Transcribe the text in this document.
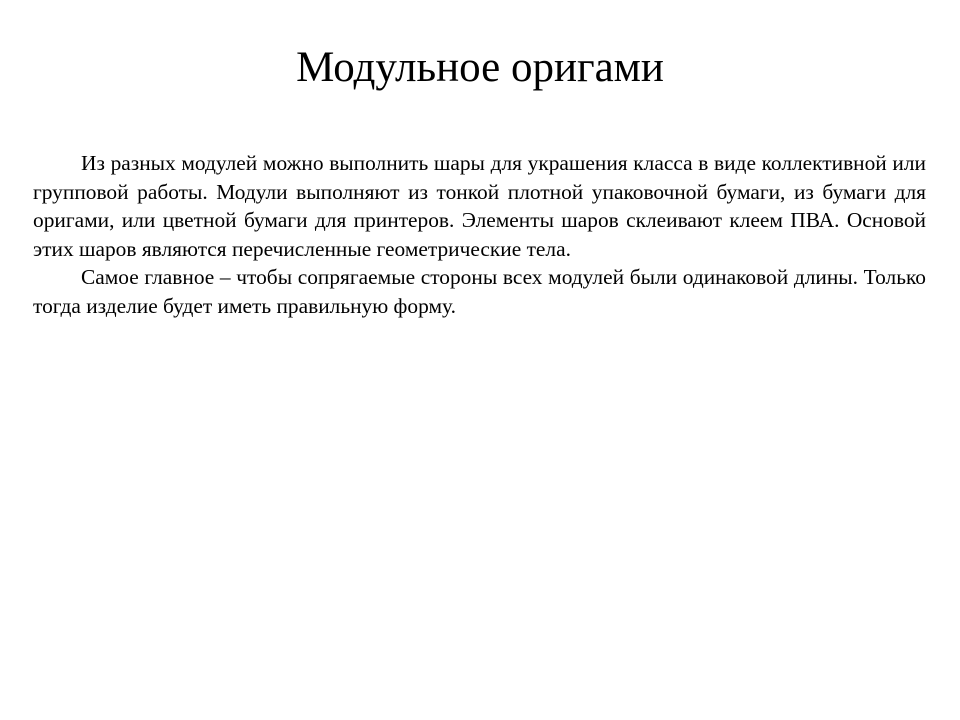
Модульное оригами

Из разных модулей можно выполнить шары для украшения класса в виде коллективной или групповой работы. Модули выполняют из тонкой плотной упаковочной бумаги, из бумаги для оригами, или цветной бумаги для принтеров. Элементы шаров склеивают клеем ПВА. Основой этих шаров являются перечисленные геометрические тела.

Самое главное – чтобы сопрягаемые стороны всех модулей были одинаковой длины. Только тогда изделие будет иметь правильную форму.
